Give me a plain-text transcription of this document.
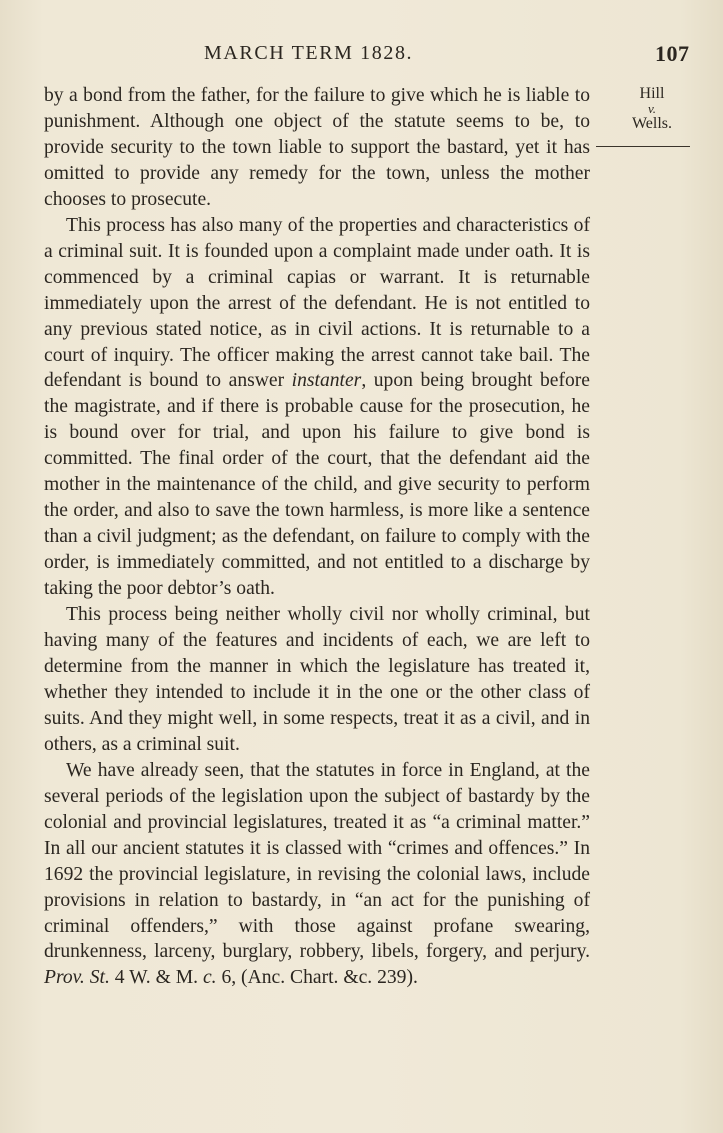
MARCH TERM 1828.	107
Hill
v.
Wells.

by a bond from the father, for the failure to give which he is liable to punishment. Although one object of the statute seems to be, to provide security to the town liable to support the bastard, yet it has omitted to provide any remedy for the town, unless the mother chooses to prosecute.

This process has also many of the properties and characteristics of a criminal suit. It is founded upon a complaint made under oath. It is commenced by a criminal capias or warrant. It is returnable immediately upon the arrest of the defendant. He is not entitled to any previous stated notice, as in civil actions. It is returnable to a court of inquiry. The officer making the arrest cannot take bail. The defendant is bound to answer instanter, upon being brought before the magistrate, and if there is probable cause for the prosecution, he is bound over for trial, and upon his failure to give bond is committed. The final order of the court, that the defendant aid the mother in the maintenance of the child, and give security to perform the order, and also to save the town harmless, is more like a sentence than a civil judgment; as the defendant, on failure to comply with the order, is immediately committed, and not entitled to a discharge by taking the poor debtor’s oath.

This process being neither wholly civil nor wholly criminal, but having many of the features and incidents of each, we are left to determine from the manner in which the legislature has treated it, whether they intended to include it in the one or the other class of suits. And they might well, in some respects, treat it as a civil, and in others, as a criminal suit.

We have already seen, that the statutes in force in England, at the several periods of the legislation upon the subject of bastardy by the colonial and provincial legislatures, treated it as “a criminal matter.” In all our ancient statutes it is classed with “crimes and offences.” In 1692 the provincial legislature, in revising the colonial laws, include provisions in relation to bastardy, in “an act for the punishing of criminal offenders,” with those against profane swearing, drunkenness, larceny, burglary, robbery, libels, forgery, and perjury. Prov. St. 4 W. & M. c. 6, (Anc. Chart. &c. 239).
